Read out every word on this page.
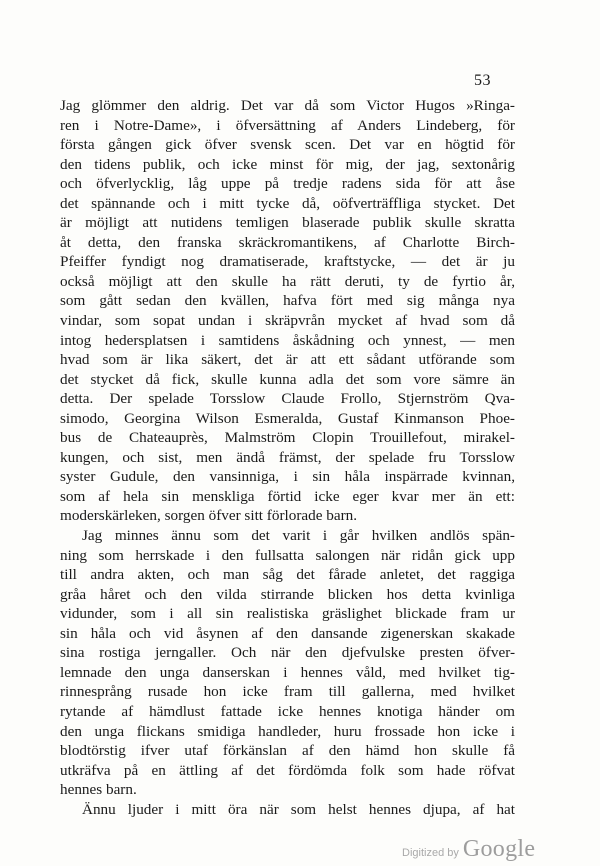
53
Jag glömmer den aldrig. Det var då som Victor Hugos »Ringa-
ren i Notre-Dame», i öfversättning af Anders Lindeberg, för
första gången gick öfver svensk scen. Det var en högtid för
den tidens publik, och icke minst för mig, der jag, sextonårig
och öfverlycklig, låg uppe på tredje radens sida för att åse
det spännande och i mitt tycke då, oöfverträffliga stycket. Det
är möjligt att nutidens temligen blaserade publik skulle skratta
åt detta, den franska skräckromantikens, af Charlotte Birch-
Pfeiffer fyndigt nog dramatiserade, kraftstycke, — det är ju
också möjligt att den skulle ha rätt deruti, ty de fyrtio år,
som gått sedan den kvällen, hafva fört med sig många nya
vindar, som sopat undan i skräpvrån mycket af hvad som då
intog hedersplatsen i samtidens åskådning och ynnest, — men
hvad som är lika säkert, det är att ett sådant utförande som
det stycket då fick, skulle kunna adla det som vore sämre än
detta. Der spelade Torsslow Claude Frollo, Stjernström Qva-
simodo, Georgina Wilson Esmeralda, Gustaf Kinmanson Phoe-
bus de Chateauprès, Malmström Clopin Trouillefout, mirakel-
kungen, och sist, men ändå främst, der spelade fru Torsslow
syster Gudule, den vansinniga, i sin håla inspärrade kvinnan,
som af hela sin menskliga förtid icke eger kvar mer än ett:
moderskärleken, sorgen öfver sitt förlorade barn.
Jag minnes ännu som det varit i går hvilken andlös spän-
ning som herrskade i den fullsatta salongen när ridån gick upp
till andra akten, och man såg det fårade anletet, det raggiga
gråa håret och den vilda stirrande blicken hos detta kvinliga
vidunder, som i all sin realistiska gräslighet blickade fram ur
sin håla och vid åsynen af den dansande zigenerskan skakade
sina rostiga jerngaller. Och när den djefvulske presten öfver-
lemnade den unga danserskan i hennes våld, med hvilket tig-
rinnesprång rusade hon icke fram till gallerna, med hvilket
rytande af hämdlust fattade icke hennes knotiga händer om
den unga flickans smidiga handleder, huru frossade hon icke i
blodtörstig ifver utaf förkänslan af den hämd hon skulle få
utkräfva på en ättling af det fördömda folk som hade röfvat
hennes barn.
Ännu ljuder i mitt öra när som helst hennes djupa, af hat
Digitized by Google
